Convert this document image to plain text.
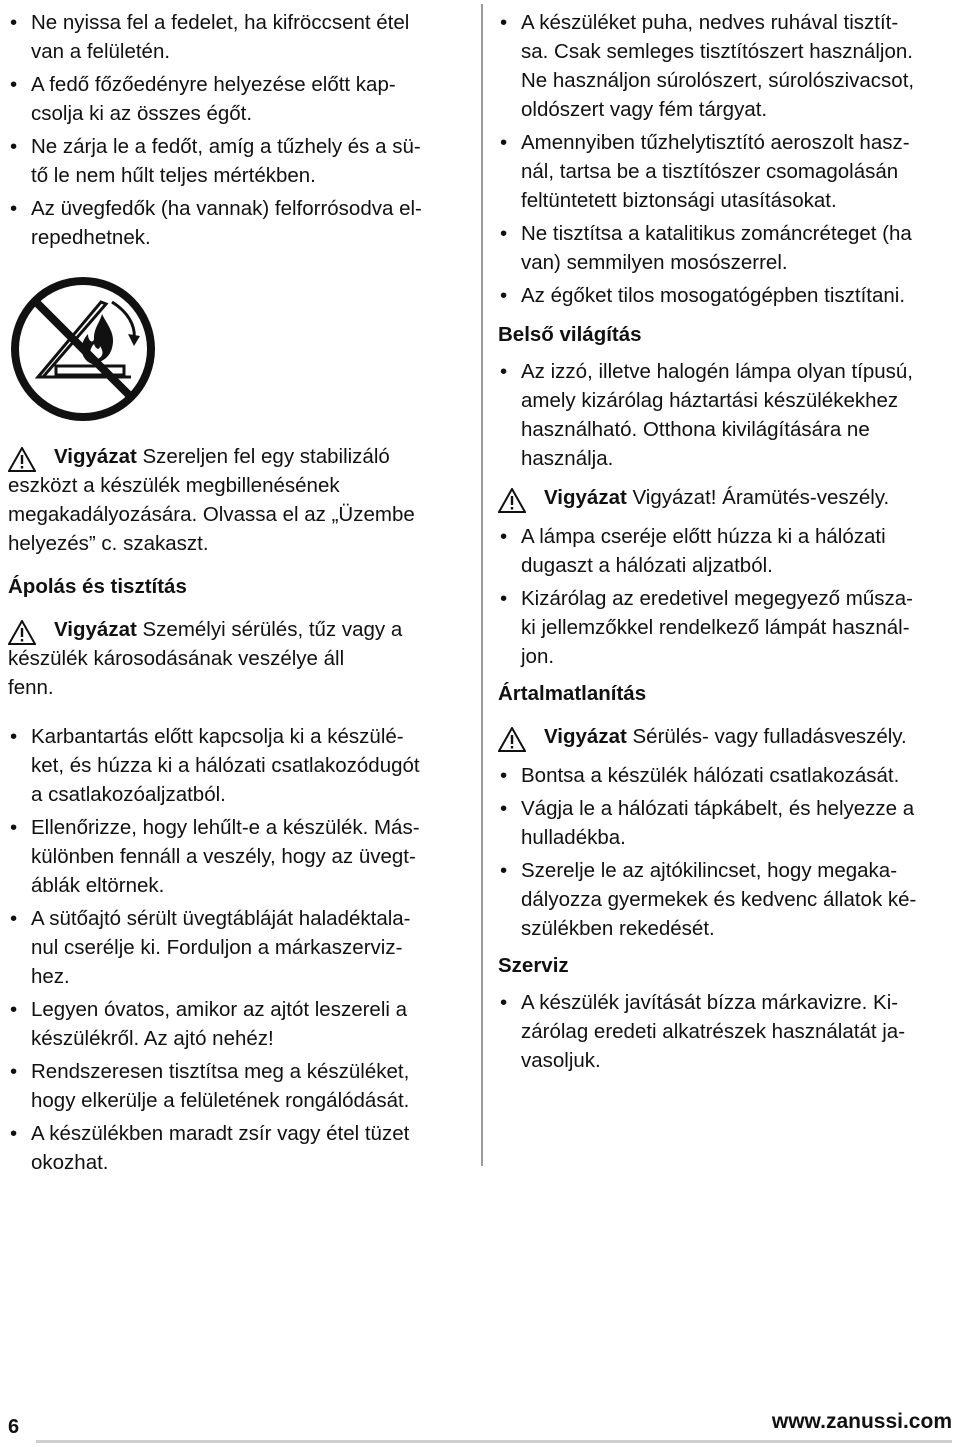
• Ne nyissa fel a fedelet, ha kifröccsent étel
van a felületén.
• A fedő főzőedényre helyezése előtt kap-
csolja ki az összes égőt.
• Ne zárja le a fedőt, amíg a tűzhely és a sü-
tő le nem hűlt teljes mértékben.
• Az üvegfedők (ha vannak) felforrósodva el-
repedhetnek.
Vigyázat Szereljen fel egy stabilizáló
eszközt a készülék megbillenésének
megakadályozására. Olvassa el az „Üzembe
helyezés” c. szakaszt.
Ápolás és tisztítás
Vigyázat Személyi sérülés, tűz vagy a
készülék károsodásának veszélye áll
fenn.
• Karbantartás előtt kapcsolja ki a készülé-
ket, és húzza ki a hálózati csatlakozódugót
a csatlakozóaljzatból.
• Ellenőrizze, hogy lehűlt-e a készülék. Más-
különben fennáll a veszély, hogy az üvegt-
áblák eltörnek.
• A sütőajtó sérült üvegtábláját haladéktala-
nul cserélje ki. Forduljon a márkaszerviz-
hez.
• Legyen óvatos, amikor az ajtót leszereli a
készülékről. Az ajtó nehéz!
• Rendszeresen tisztítsa meg a készüléket,
hogy elkerülje a felületének rongálódását.
• A készülékben maradt zsír vagy étel tüzet
okozhat.
• A készüléket puha, nedves ruhával tisztít-
sa. Csak semleges tisztítószert használjon.
Ne használjon súrolószert, súrolószivacsot,
oldószert vagy fém tárgyat.
• Amennyiben tűzhelytisztító aeroszolt hasz-
nál, tartsa be a tisztítószer csomagolásán
feltüntetett biztonsági utasításokat.
• Ne tisztítsa a katalitikus zománcréteget (ha
van) semmilyen mosószerrel.
• Az égőket tilos mosogatógépben tisztítani.
Belső világítás
• Az izzó, illetve halogén lámpa olyan típusú,
amely kizárólag háztartási készülékekhez
használható. Otthona kivilágítására ne
használja.
Vigyázat Vigyázat! Áramütés-veszély.
• A lámpa cseréje előtt húzza ki a hálózati
dugaszt a hálózati aljzatból.
• Kizárólag az eredetivel megegyező műsza-
ki jellemzőkkel rendelkező lámpát használ-
jon.
Ártalmatlanítás
Vigyázat Sérülés- vagy fulladásveszély.
• Bontsa a készülék hálózati csatlakozását.
• Vágja le a hálózati tápkábelt, és helyezze a
hulladékba.
• Szerelje le az ajtókilincset, hogy megaka-
dályozza gyermekek és kedvenc állatok ké-
szülékben rekedését.
Szerviz
• A készülék javítását bízza márkavizre. Ki-
zárólag eredeti alkatrészek használatát ja-
vasoljuk.
6	www.zanussi.com
